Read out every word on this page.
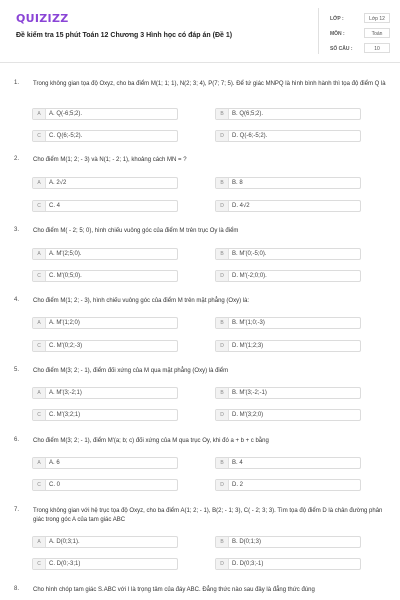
QUIZIZZ
Đề kiểm tra 15 phút Toán 12 Chương 3 Hình học có đáp án (Đề 1)
LỚP :	Lớp 12
MÔN :	Toán
SỐ CÂU :	10
1. Trong không gian tọa độ Oxyz, cho ba điểm M(1; 1; 1), N(2; 3; 4), P(7; 7; 5). Để tứ giác MNPQ là hình bình hành thì tọa độ điểm Q là
A	A. Q(-6;5;2).	B	B. Q(6;5;2).
C	C. Q(6;-5;2).	D	D. Q(-6;-5;2).
2. Cho điểm M(1; 2; - 3) và N(1; - 2; 1), khoảng cách MN = ?
A	A. 2√2	B	B. 8
C	C. 4	D	D. 4√2
3. Cho điểm M( - 2; 5; 0), hình chiếu vuông góc của điểm M trên trục Oy là điểm
A	A. M'(2;5;0).	B	B. M'(0;-5;0).
C	C. M'(0;5;0).	D	D. M'(-2;0;0).
4. Cho điểm M(1; 2; - 3), hình chiếu vuông góc của điểm M trên mặt phẳng (Oxy) là:
A	A. M'(1;2;0)	B	B. M'(1;0;-3)
C	C. M'(0;2;-3)	D	D. M'(1;2;3)
5. Cho điểm M(3; 2; - 1), điểm đối xứng của M qua mặt phẳng (Oxy) là điểm
A	A. M'(3;-2;1)	B	B. M'(3;-2;-1)
C	C. M'(3;2;1)	D	D. M'(3;2;0)
6. Cho điểm M(3; 2; - 1), điểm M'(a; b; c) đối xứng của M qua trục Oy, khi đó a + b + c bằng
A	A. 6	B	B. 4
C	C. 0	D	D. 2
7. Trong không gian với hệ trục tọa độ Oxyz, cho ba điểm A(1; 2; - 1), B(2; - 1; 3), C( - 2; 3; 3). Tìm tọa độ điểm D là chân đường phân giác trong góc A của tam giác ABC
A	A. D(0;3;1).	B	B. D(0;1;3)
C	C. D(0;-3;1)	D	D. D(0;3;-1)
8. Cho hình chóp tam giác S.ABC với I là trọng tâm của đáy ABC. Đẳng thức nào sau đây là đẳng thức đúng
